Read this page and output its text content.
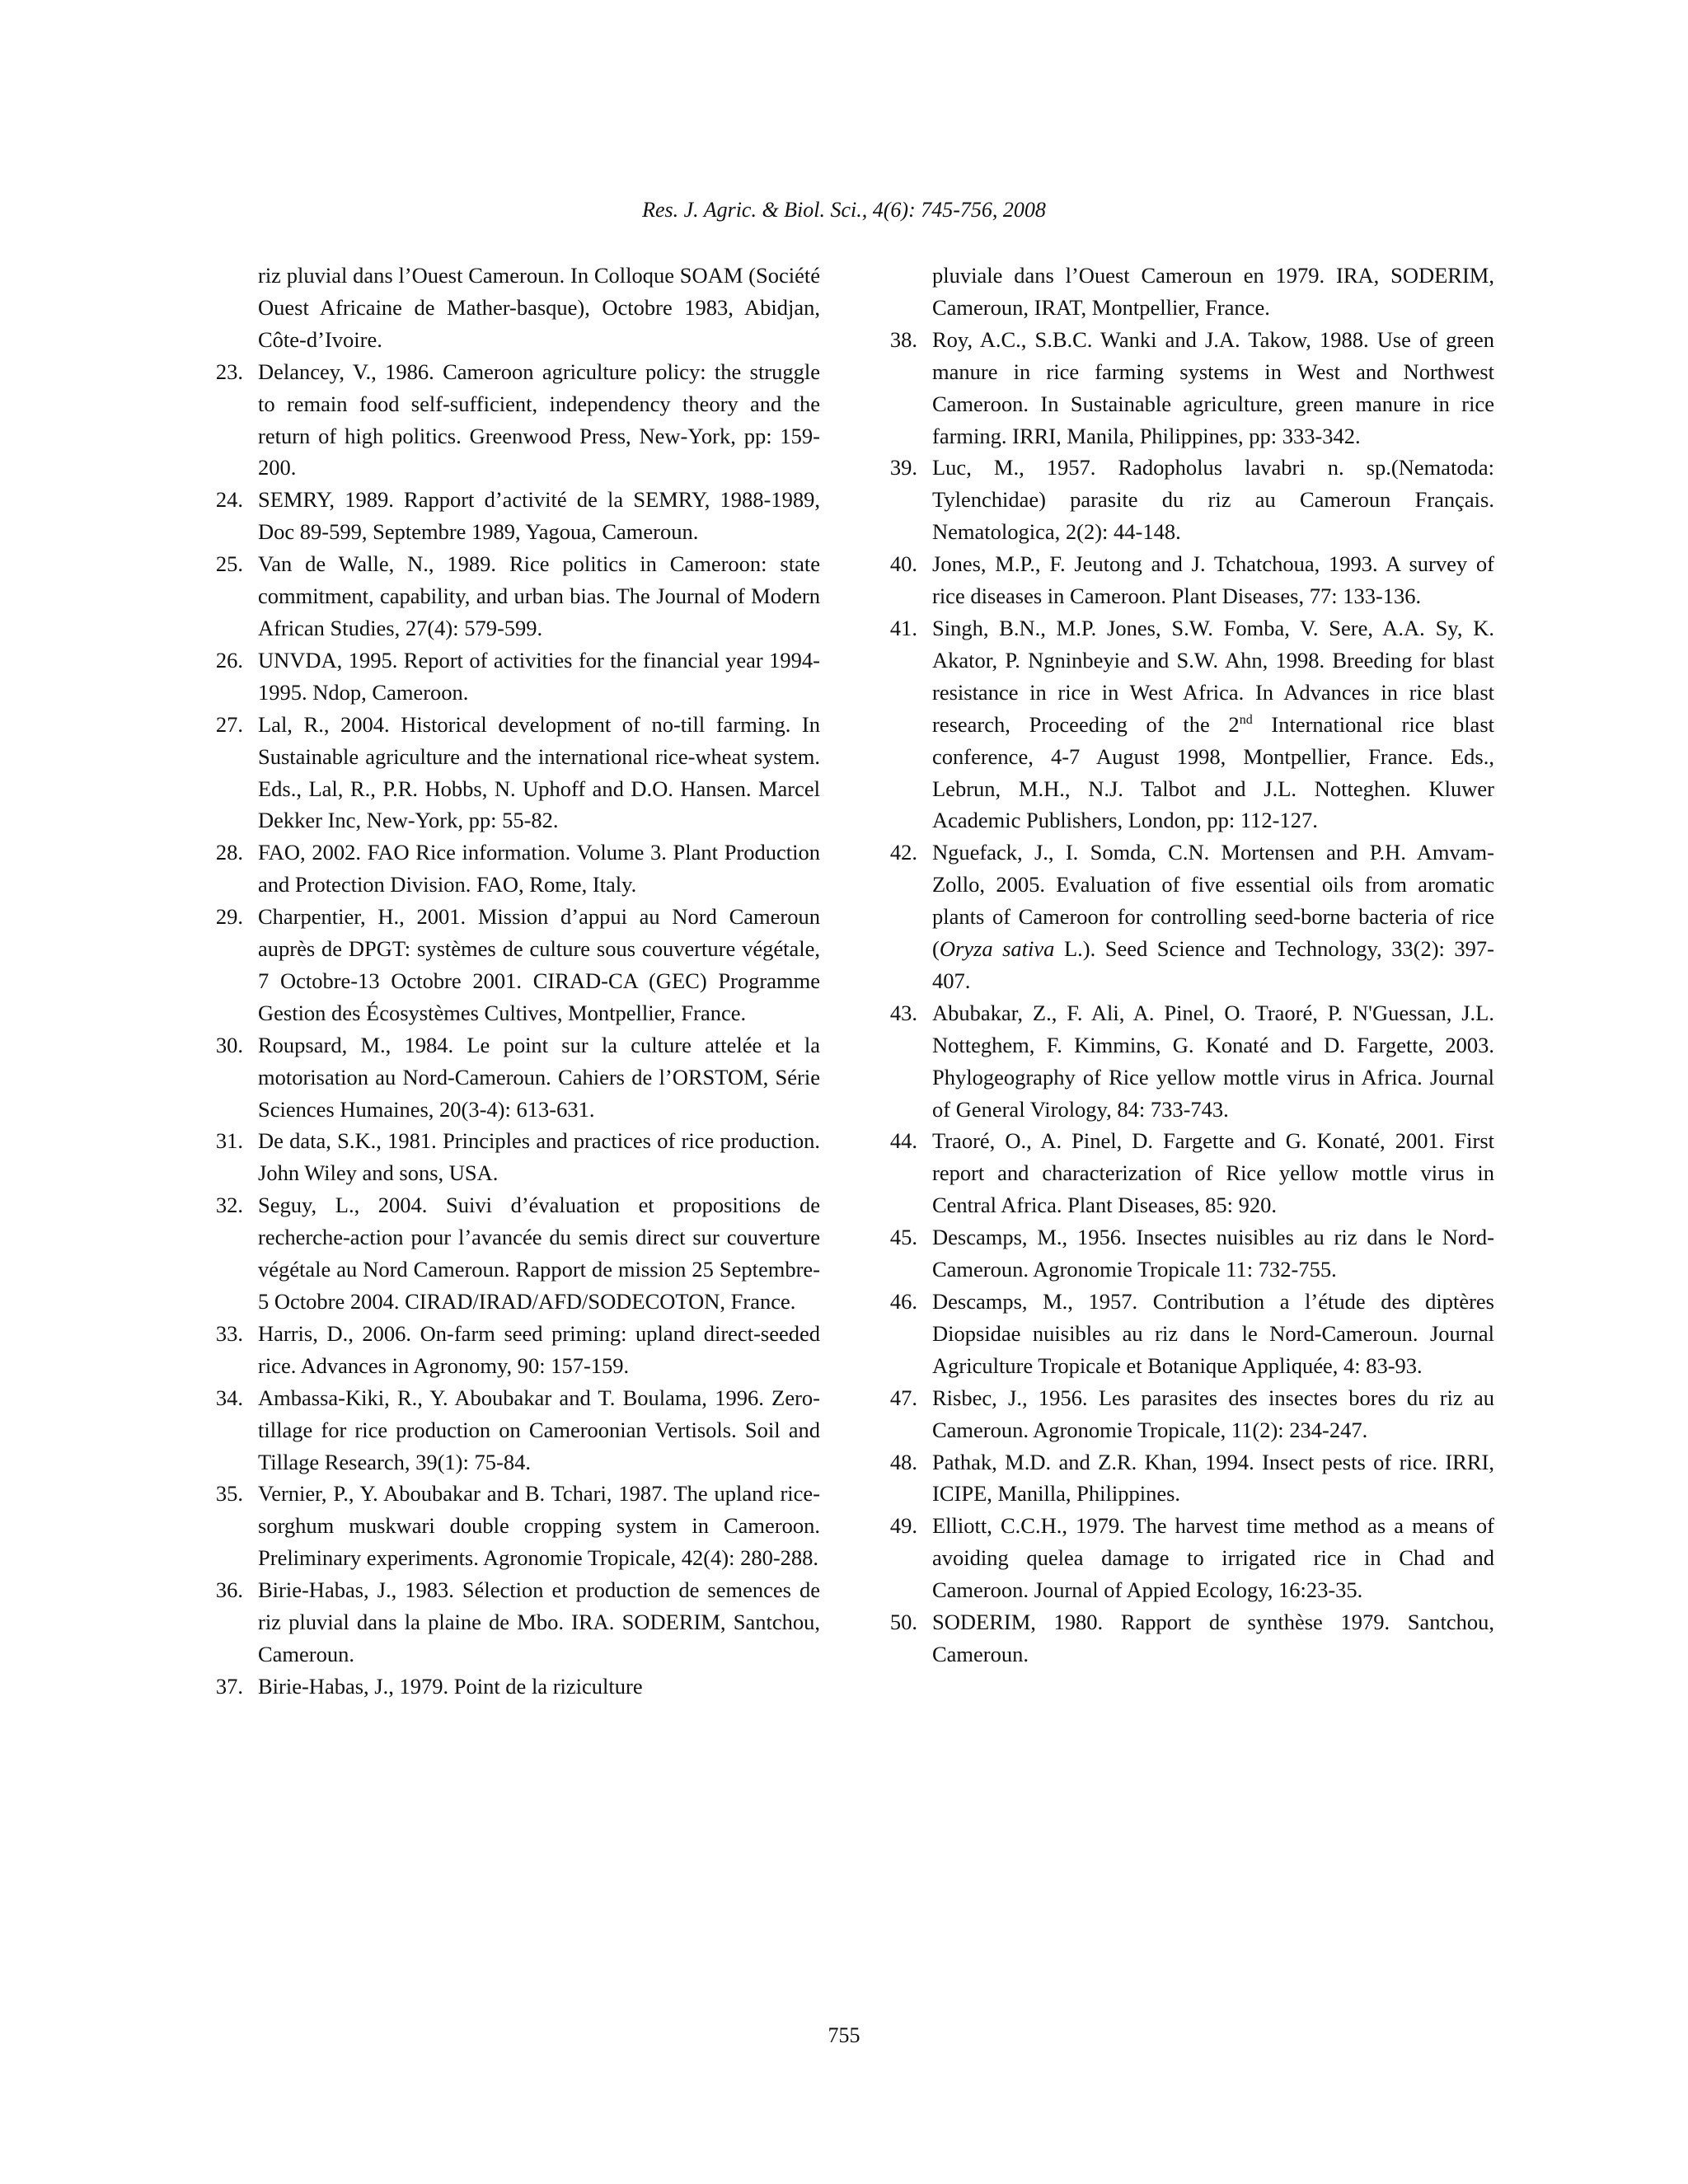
Res. J. Agric. & Biol. Sci., 4(6): 745-756, 2008
riz pluvial dans l’Ouest Cameroun. In Colloque SOAM (Société Ouest Africaine de Mather-basque), Octobre 1983, Abidjan, Côte-d’Ivoire.
23. Delancey, V., 1986. Cameroon agriculture policy: the struggle to remain food self-sufficient, independency theory and the return of high politics. Greenwood Press, New-York, pp: 159-200.
24. SEMRY, 1989. Rapport d’activité de la SEMRY, 1988-1989, Doc 89-599, Septembre 1989, Yagoua, Cameroun.
25. Van de Walle, N., 1989. Rice politics in Cameroon: state commitment, capability, and urban bias. The Journal of Modern African Studies, 27(4): 579-599.
26. UNVDA, 1995. Report of activities for the financial year 1994-1995. Ndop, Cameroon.
27. Lal, R., 2004. Historical development of no-till farming. In Sustainable agriculture and the international rice-wheat system. Eds., Lal, R., P.R. Hobbs, N. Uphoff and D.O. Hansen. Marcel Dekker Inc, New-York, pp: 55-82.
28. FAO, 2002. FAO Rice information. Volume 3. Plant Production and Protection Division. FAO, Rome, Italy.
29. Charpentier, H., 2001. Mission d’appui au Nord Cameroun auprès de DPGT: systèmes de culture sous couverture végétale, 7 Octobre-13 Octobre 2001. CIRAD-CA (GEC) Programme Gestion des Écosystèmes Cultives, Montpellier, France.
30. Roupsard, M., 1984. Le point sur la culture attelée et la motorisation au Nord-Cameroun. Cahiers de l’ORSTOM, Série Sciences Humaines, 20(3-4): 613-631.
31. De data, S.K., 1981. Principles and practices of rice production. John Wiley and sons, USA.
32. Seguy, L., 2004. Suivi d’évaluation et propositions de recherche-action pour l’avancée du semis direct sur couverture végétale au Nord Cameroun. Rapport de mission 25 Septembre-5 Octobre 2004. CIRAD/IRAD/AFD/SODECOTON, France.
33. Harris, D., 2006. On-farm seed priming: upland direct-seeded rice. Advances in Agronomy, 90: 157-159.
34. Ambassa-Kiki, R., Y. Aboubakar and T. Boulama, 1996. Zero-tillage for rice production on Cameroonian Vertisols. Soil and Tillage Research, 39(1): 75-84.
35. Vernier, P., Y. Aboubakar and B. Tchari, 1987. The upland rice-sorghum muskwari double cropping system in Cameroon. Preliminary experiments. Agronomie Tropicale, 42(4): 280-288.
36. Birie-Habas, J., 1983. Sélection et production de semences de riz pluvial dans la plaine de Mbo. IRA. SODERIM, Santchou, Cameroun.
37. Birie-Habas, J., 1979. Point de la riziculture
pluviale dans l’Ouest Cameroun en 1979. IRA, SODERIM, Cameroun, IRAT, Montpellier, France.
38. Roy, A.C., S.B.C. Wanki and J.A. Takow, 1988. Use of green manure in rice farming systems in West and Northwest Cameroon. In Sustainable agriculture, green manure in rice farming. IRRI, Manila, Philippines, pp: 333-342.
39. Luc, M., 1957. Radopholus lavabri n. sp.(Nematoda: Tylenchidae) parasite du riz au Cameroun Français. Nematologica, 2(2): 44-148.
40. Jones, M.P., F. Jeutong and J. Tchatchoua, 1993. A survey of rice diseases in Cameroon. Plant Diseases, 77: 133-136.
41. Singh, B.N., M.P. Jones, S.W. Fomba, V. Sere, A.A. Sy, K. Akator, P. Ngninbeyie and S.W. Ahn, 1998. Breeding for blast resistance in rice in West Africa. In Advances in rice blast research, Proceeding of the 2nd International rice blast conference, 4-7 August 1998, Montpellier, France. Eds., Lebrun, M.H., N.J. Talbot and J.L. Notteghen. Kluwer Academic Publishers, London, pp: 112-127.
42. Nguefack, J., I. Somda, C.N. Mortensen and P.H. Amvam-Zollo, 2005. Evaluation of five essential oils from aromatic plants of Cameroon for controlling seed-borne bacteria of rice (Oryza sativa L.). Seed Science and Technology, 33(2): 397-407.
43. Abubakar, Z., F. Ali, A. Pinel, O. Traoré, P. N'Guessan, J.L. Notteghem, F. Kimmins, G. Konaté and D. Fargette, 2003. Phylogeography of Rice yellow mottle virus in Africa. Journal of General Virology, 84: 733-743.
44. Traoré, O., A. Pinel, D. Fargette and G. Konaté, 2001. First report and characterization of Rice yellow mottle virus in Central Africa. Plant Diseases, 85: 920.
45. Descamps, M., 1956. Insectes nuisibles au riz dans le Nord-Cameroun. Agronomie Tropicale 11: 732-755.
46. Descamps, M., 1957. Contribution a l’étude des diptères Diopsidae nuisibles au riz dans le Nord-Cameroun. Journal Agriculture Tropicale et Botanique Appliquée, 4: 83-93.
47. Risbec, J., 1956. Les parasites des insectes bores du riz au Cameroun. Agronomie Tropicale, 11(2): 234-247.
48. Pathak, M.D. and Z.R. Khan, 1994. Insect pests of rice. IRRI, ICIPE, Manilla, Philippines.
49. Elliott, C.C.H., 1979. The harvest time method as a means of avoiding quelea damage to irrigated rice in Chad and Cameroon. Journal of Appied Ecology, 16:23-35.
50. SODERIM, 1980. Rapport de synthèse 1979. Santchou, Cameroun.
755
